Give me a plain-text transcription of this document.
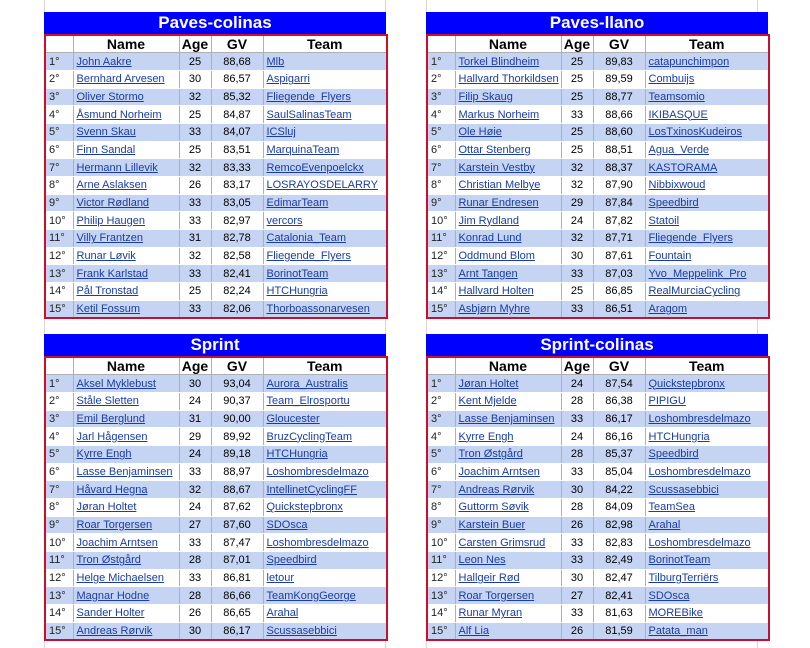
Paves-colinas
	Name	Age	GV	Team
1°	John Aakre	25	88,68	Mlb
2°	Bernhard Arvesen	30	86,57	Aspigarri
3°	Oliver Stormo	32	85,32	Fliegende_Flyers
4°	Åsmund Norheim	25	84,87	SaulSalinasTeam
5°	Svenn Skau	33	84,07	ICSluj
6°	Finn Sandal	25	83,51	MarquinaTeam
7°	Hermann Lillevik	32	83,33	RemcoEvenpoelckx
8°	Arne Aslaksen	26	83,17	LOSRAYOSDELARRY
9°	Victor Rødland	33	83,05	EdimarTeam
10°	Philip Haugen	33	82,97	vercors
11°	Villy Frantzen	31	82,78	Catalonia_Team
12°	Runar Løvik	32	82,58	Fliegende_Flyers
13°	Frank Karlstad	33	82,41	BorinotTeam
14°	Pål Tronstad	25	82,24	HTCHungria
15°	Ketil Fossum	33	82,06	Thorboassonarvesen
Paves-llano
	Name	Age	GV	Team
1°	Torkel Blindheim	25	89,83	catapunchimpon
2°	Hallvard Thorkildsen	25	89,59	Combuijs
3°	Filip Skaug	25	88,77	Teamsomio
4°	Markus Norheim	33	88,66	IKIBASQUE
5°	Ole Høie	25	88,60	LosTxinosKudeiros
6°	Ottar Stenberg	25	88,51	Agua_Verde
7°	Karstein Vestby	32	88,37	KASTORAMA
8°	Christian Melbye	32	87,90	Nibbixwoud
9°	Runar Endresen	29	87,84	Speedbird
10°	Jim Rydland	24	87,82	Statoil
11°	Konrad Lund	32	87,71	Fliegende_Flyers
12°	Oddmund Blom	30	87,61	Fountain
13°	Arnt Tangen	33	87,03	Yvo_Meppelink_Pro
14°	Hallvard Holten	25	86,85	RealMurciaCycling
15°	Asbjørn Myhre	33	86,51	Aragom
Sprint
	Name	Age	GV	Team
1°	Aksel Myklebust	30	93,04	Aurora_Australis
2°	Ståle Sletten	24	90,37	Team_Elrosportu
3°	Emil Berglund	31	90,00	Gloucester
4°	Jarl Hågensen	29	89,92	BruzCyclingTeam
5°	Kyrre Engh	24	89,18	HTCHungria
6°	Lasse Benjaminsen	33	88,97	Loshombresdelmazo
7°	Håvard Hegna	32	88,67	IntellinetCyclingFF
8°	Jøran Holtet	24	87,62	Quickstepbronx
9°	Roar Torgersen	27	87,60	SDOsca
10°	Joachim Arntsen	33	87,47	Loshombresdelmazo
11°	Tron Østgård	28	87,01	Speedbird
12°	Helge Michaelsen	33	86,81	letour
13°	Magnar Hodne	28	86,66	TeamKongGeorge
14°	Sander Holter	26	86,65	Arahal
15°	Andreas Rørvik	30	86,17	Scussasebbici
Sprint-colinas
	Name	Age	GV	Team
1°	Jøran Holtet	24	87,54	Quickstepbronx
2°	Kent Mjelde	28	86,38	PIPIGU
3°	Lasse Benjaminsen	33	86,17	Loshombresdelmazo
4°	Kyrre Engh	24	86,16	HTCHungria
5°	Tron Østgård	28	85,37	Speedbird
6°	Joachim Arntsen	33	85,04	Loshombresdelmazo
7°	Andreas Rørvik	30	84,22	Scussasebbici
8°	Guttorm Søvik	28	84,09	TeamSea
9°	Karstein Buer	26	82,98	Arahal
10°	Carsten Grimsrud	33	82,83	Loshombresdelmazo
11°	Leon Nes	33	82,49	BorinotTeam
12°	Hallgeir Rød	30	82,47	TilburgTerriërs
13°	Roar Torgersen	27	82,41	SDOsca
14°	Runar Myran	33	81,63	MOREBike
15°	Alf Lia	26	81,59	Patata_man
